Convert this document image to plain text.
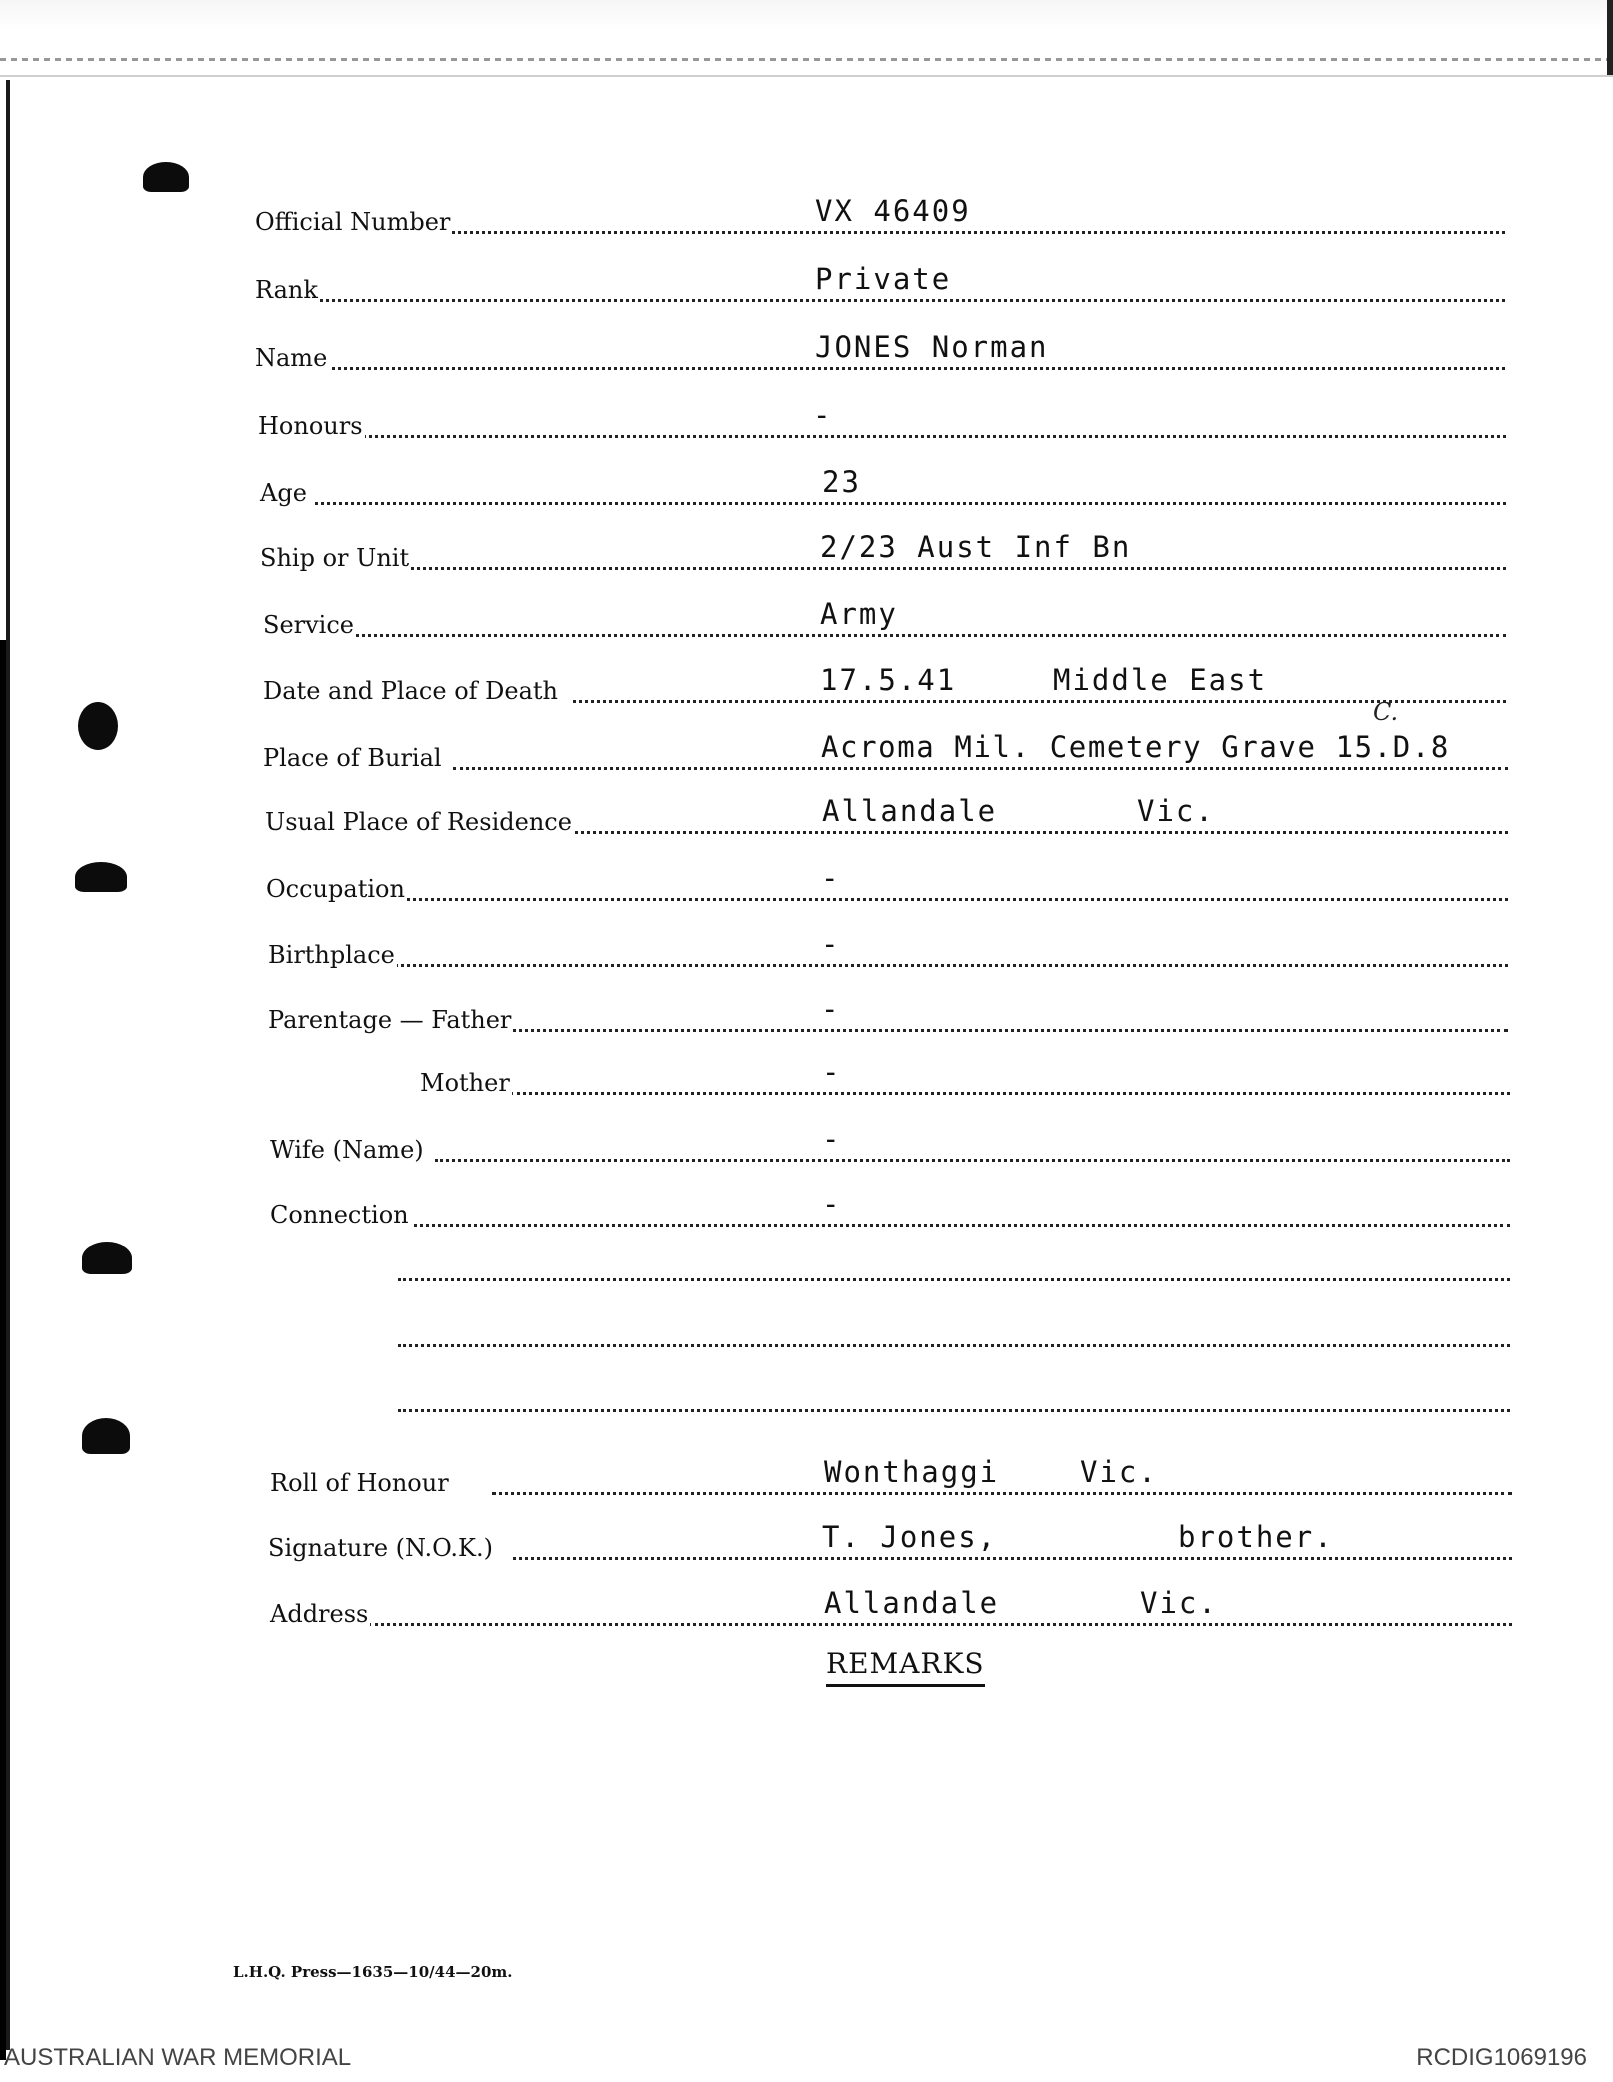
Official Number	VX 46409
Rank	Private
Name	JONES Norman
Honours	-
Age	23
Ship or Unit	2/23 Aust Inf Bn
Service	Army
Date and Place of Death	17.5.41	Middle East
Place of Burial	Acroma Mil. Cemetery Grave 15.D.8
C.
Usual Place of Residence	Allandale	Vic.
Occupation	-
Birthplace	-
Parentage — Father	-
Mother	-
Wife (Name)	-
Connection	-
Roll of Honour	Wonthaggi	Vic.
Signature (N.O.K.)	T. Jones,	brother.
Address	Allandale	Vic.
REMARKS
L.H.Q. Press—1635—10/44—20m.
AUSTRALIAN WAR MEMORIAL	RCDIG1069196
